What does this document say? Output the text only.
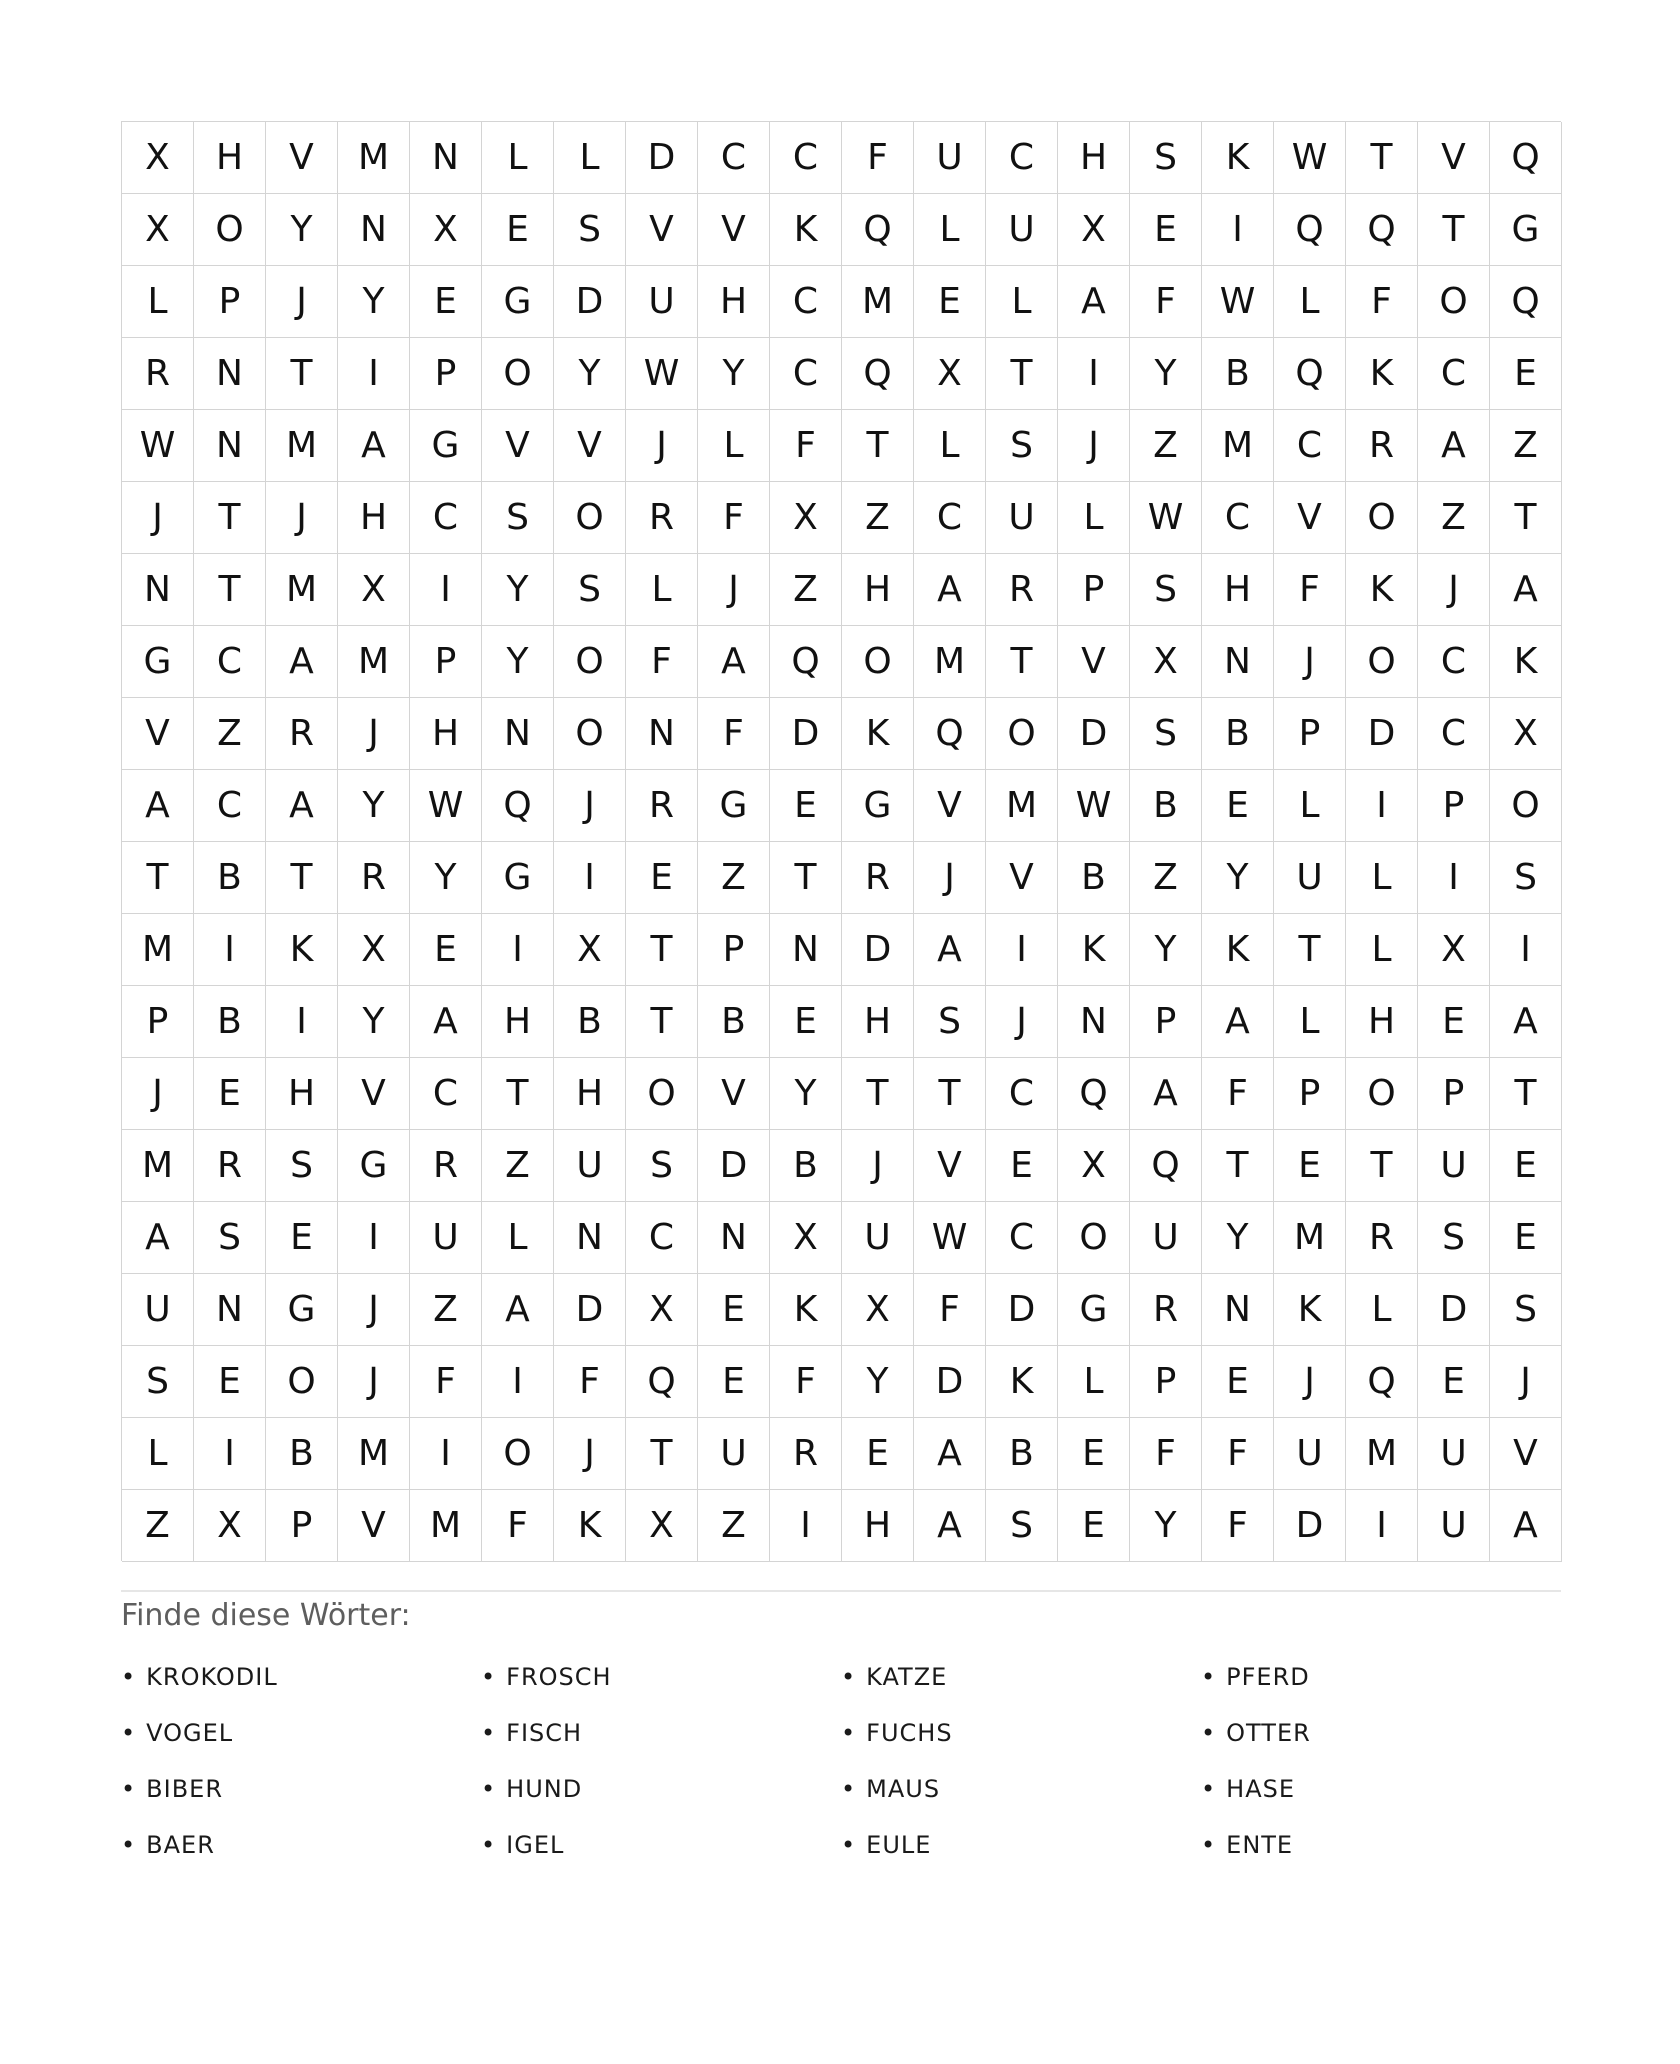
X	H	V	M	N	L	L	D	C	C	F	U	C	H	S	K	W	T	V	Q
X	O	Y	N	X	E	S	V	V	K	Q	L	U	X	E	I	Q	Q	T	G
L	P	J	Y	E	G	D	U	H	C	M	E	L	A	F	W	L	F	O	Q
R	N	T	I	P	O	Y	W	Y	C	Q	X	T	I	Y	B	Q	K	C	E
W	N	M	A	G	V	V	J	L	F	T	L	S	J	Z	M	C	R	A	Z
J	T	J	H	C	S	O	R	F	X	Z	C	U	L	W	C	V	O	Z	T
N	T	M	X	I	Y	S	L	J	Z	H	A	R	P	S	H	F	K	J	A
G	C	A	M	P	Y	O	F	A	Q	O	M	T	V	X	N	J	O	C	K
V	Z	R	J	H	N	O	N	F	D	K	Q	O	D	S	B	P	D	C	X
A	C	A	Y	W	Q	J	R	G	E	G	V	M	W	B	E	L	I	P	O
T	B	T	R	Y	G	I	E	Z	T	R	J	V	B	Z	Y	U	L	I	S
M	I	K	X	E	I	X	T	P	N	D	A	I	K	Y	K	T	L	X	I
P	B	I	Y	A	H	B	T	B	E	H	S	J	N	P	A	L	H	E	A
J	E	H	V	C	T	H	O	V	Y	T	T	C	Q	A	F	P	O	P	T
M	R	S	G	R	Z	U	S	D	B	J	V	E	X	Q	T	E	T	U	E
A	S	E	I	U	L	N	C	N	X	U	W	C	O	U	Y	M	R	S	E
U	N	G	J	Z	A	D	X	E	K	X	F	D	G	R	N	K	L	D	S
S	E	O	J	F	I	F	Q	E	F	Y	D	K	L	P	E	J	Q	E	J
L	I	B	M	I	O	J	T	U	R	E	A	B	E	F	F	U	M	U	V
Z	X	P	V	M	F	K	X	Z	I	H	A	S	E	Y	F	D	I	U	A
Finde diese Wörter:
• KROKODIL	• FROSCH	• KATZE	• PFERD
• VOGEL	• FISCH	• FUCHS	• OTTER
• BIBER	• HUND	• MAUS	• HASE
• BAER	• IGEL	• EULE	• ENTE
